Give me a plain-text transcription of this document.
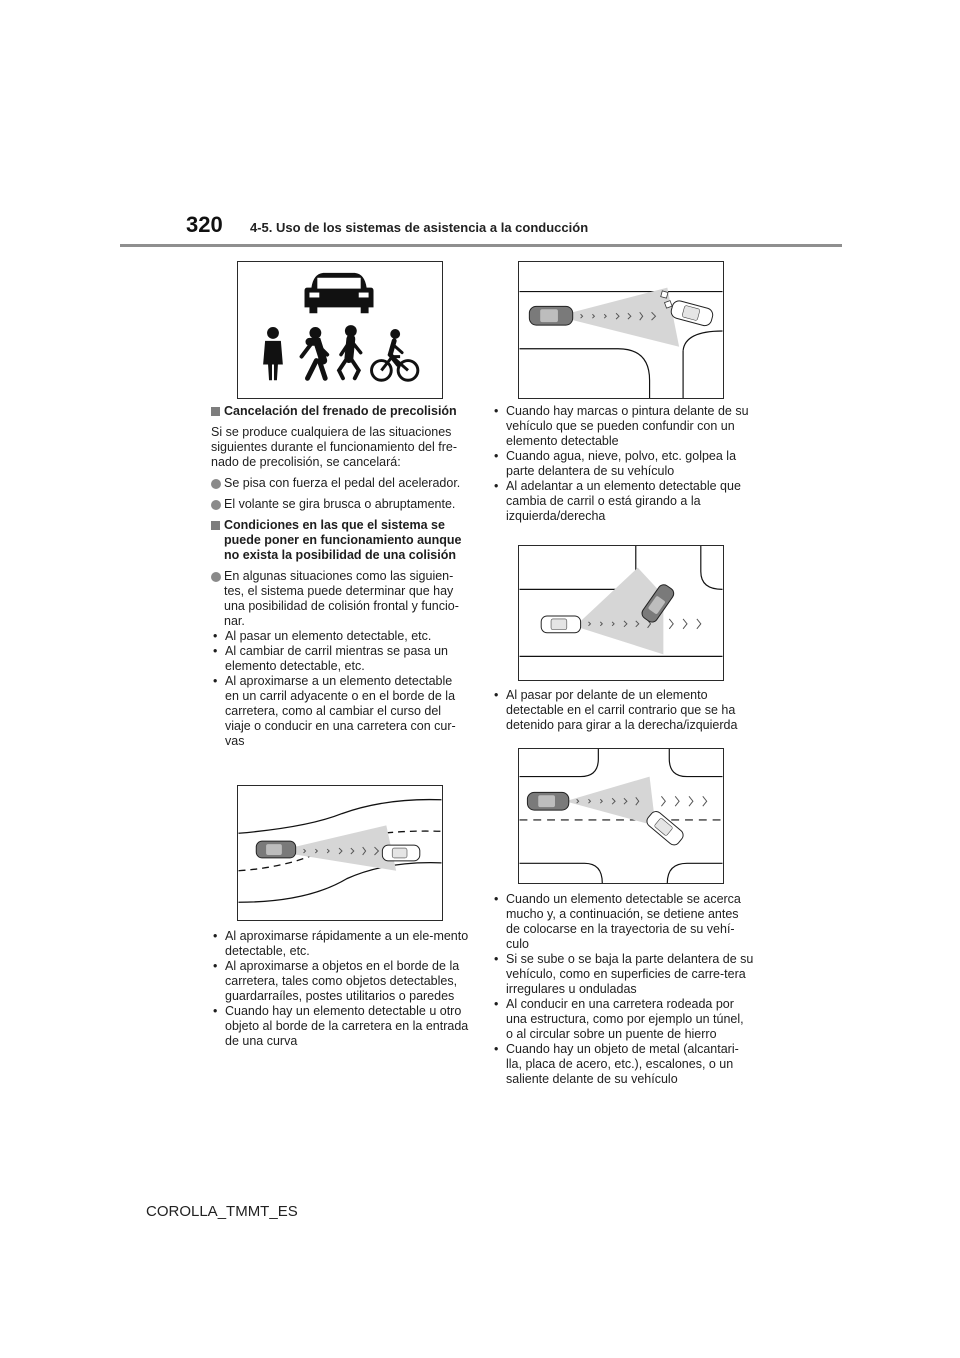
320 4-5. Uso de los sistemas de asistencia a la conducción
Cancelación del frenado de precolisión
Si se produce cualquiera de las situaciones siguientes durante el funcionamiento del fre-nado de precolisión, se cancelará:
Se pisa con fuerza el pedal del acelerador.
El volante se gira brusca o abruptamente.
Condiciones en las que el sistema se puede poner en funcionamiento aunque no exista la posibilidad de una colisión
En algunas situaciones como las siguien-tes, el sistema puede determinar que hay una posibilidad de colisión frontal y funcio-nar.
• Al pasar un elemento detectable, etc.
• Al cambiar de carril mientras se pasa un elemento detectable, etc.
• Al aproximarse a un elemento detectable en un carril adyacente o en el borde de la carretera, como al cambiar el curso del viaje o conducir en una carretera con cur-vas
• Al aproximarse rápidamente a un ele-mento detectable, etc.
• Al aproximarse a objetos en el borde de la carretera, tales como objetos detectables, guardarraíles, postes utilitarios o paredes
• Cuando hay un elemento detectable u otro objeto al borde de la carretera en la entrada de una curva
• Cuando hay marcas o pintura delante de su vehículo que se pueden confundir con un elemento detectable
• Cuando agua, nieve, polvo, etc. golpea la parte delantera de su vehículo
• Al adelantar a un elemento detectable que cambia de carril o está girando a la izquierda/derecha
• Al pasar por delante de un elemento detectable en el carril contrario que se ha detenido para girar a la derecha/izquierda
• Cuando un elemento detectable se acerca mucho y, a continuación, se detiene antes de colocarse en la trayectoria de su vehí-culo
• Si se sube o se baja la parte delantera de su vehículo, como en superficies de carre-tera irregulares u onduladas
• Al conducir en una carretera rodeada por una estructura, como por ejemplo un túnel, o al circular sobre un puente de hierro
• Cuando hay un objeto de metal (alcantari-lla, placa de acero, etc.), escalones, o un saliente delante de su vehículo
COROLLA_TMMT_ES
